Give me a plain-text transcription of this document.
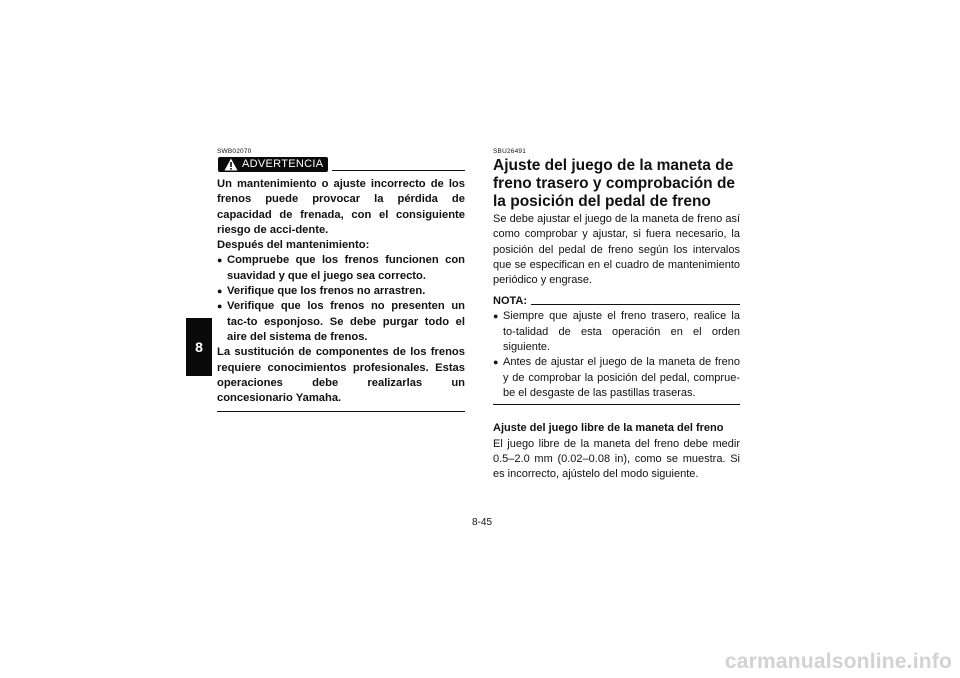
8

SWB02070

ADVERTENCIA

Un mantenimiento o ajuste incorrecto de los frenos puede provocar la pérdida de capacidad de frenada, con el consiguiente riesgo de acci-dente.

Después del mantenimiento:

● Compruebe que los frenos funcionen con suavidad y que el juego sea correcto.
● Verifique que los frenos no arrastren.
● Verifique que los frenos no presenten un tac-to esponjoso. Se debe purgar todo el aire del sistema de frenos.

La sustitución de componentes de los frenos requiere conocimientos profesionales. Estas operaciones debe realizarlas un concesionario Yamaha.

SBU26491

Ajuste del juego de la maneta de freno trasero y comprobación de la posición del pedal de freno

Se debe ajustar el juego de la maneta de freno así como comprobar y ajustar, si fuera necesario, la posición del pedal de freno según los intervalos que se especifican en el cuadro de mantenimiento periódico y engrase.

NOTA:
● Siempre que ajuste el freno trasero, realice la to-talidad de esta operación en el orden siguiente.
● Antes de ajustar el juego de la maneta de freno y de comprobar la posición del pedal, comprue-be el desgaste de las pastillas traseras.

Ajuste del juego libre de la maneta del freno

El juego libre de la maneta del freno debe medir 0.5–2.0 mm (0.02–0.08 in), como se muestra. Si es incorrecto, ajústelo del modo siguiente.

8-45
carmanualsonline.info
